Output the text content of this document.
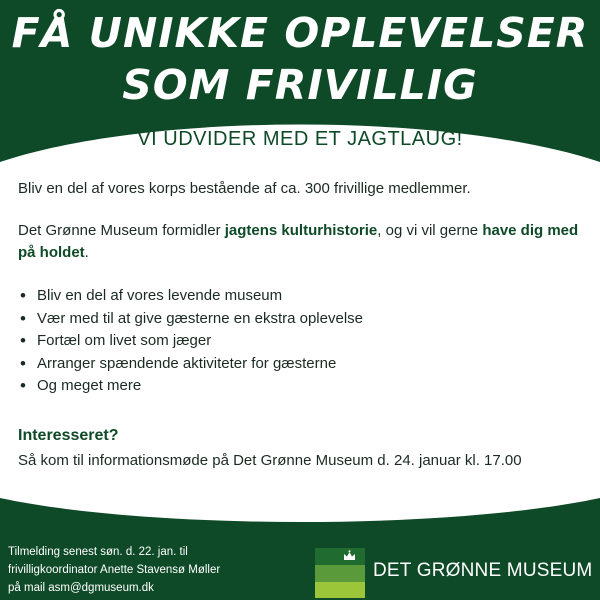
FÅ UNIKKE OPLEVELSER
SOM FRIVILLIG
VI UDVIDER MED ET JAGTLAUG!
Bliv en del af vores korps bestående af ca. 300 frivillige medlemmer.
Det Grønne Museum formidler jagtens kulturhistorie, og vi vil gerne have dig med på holdet.
• Bliv en del af vores levende museum
• Vær med til at give gæsterne en ekstra oplevelse
• Fortæl om livet som jæger
• Arranger spændende aktiviteter for gæsterne
• Og meget mere
Interesseret?
Så kom til informationsmøde på Det Grønne Museum d. 24. januar kl. 17.00
Tilmelding senest søn. d. 22. jan. til
frivilligkoordinator Anette Stavensø Møller
på mail asm@dgmuseum.dk
DET GRØNNE MUSEUM
